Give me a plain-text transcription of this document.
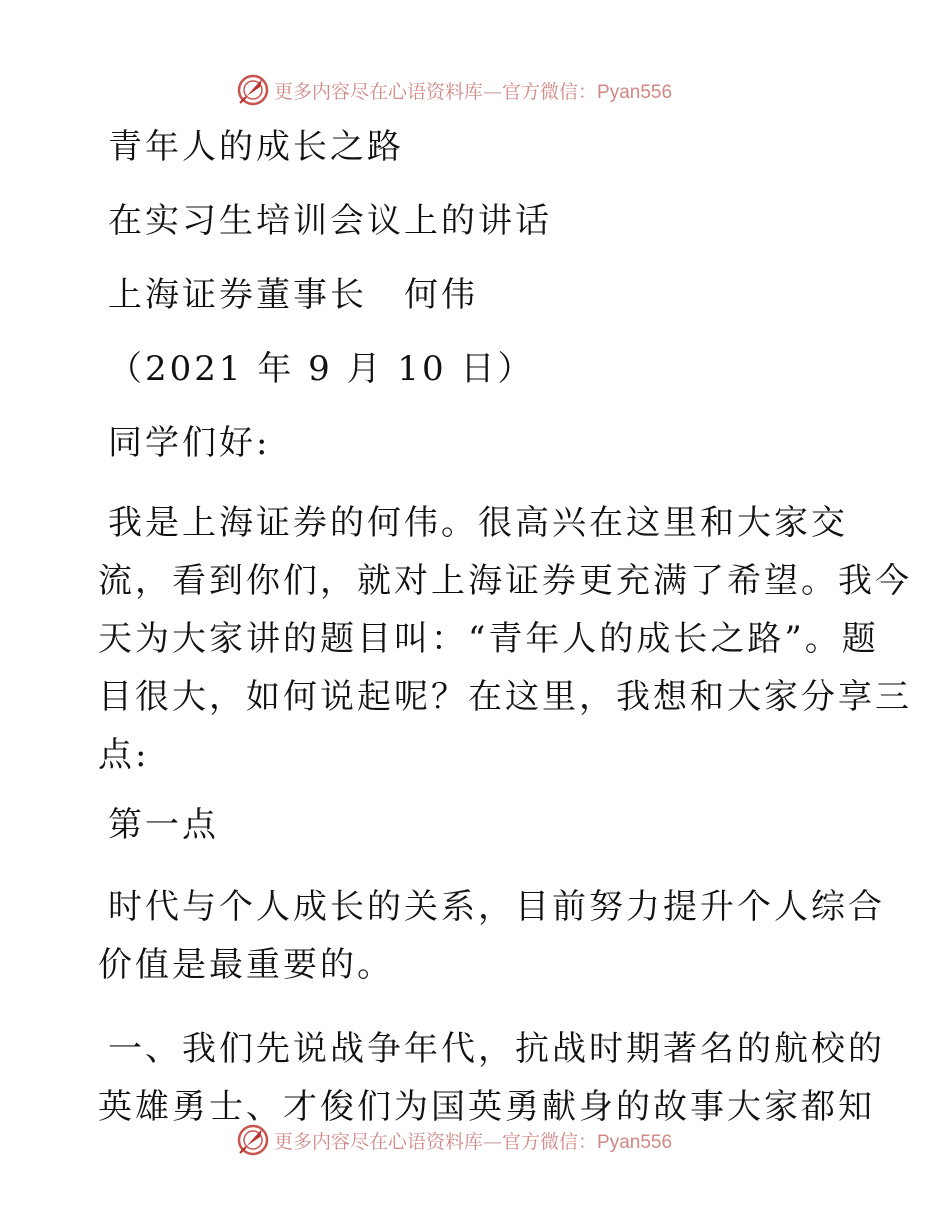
更多内容尽在心语资料库—官方微信：Pyan556

青年人的成长之路

在实习生培训会议上的讲话

上海证券董事长　何伟

（2021 年 9 月 10 日）

同学们好:

我是上海证券的何伟。很高兴在这里和大家交
流，看到你们，就对上海证券更充满了希望。我今
天为大家讲的题目叫：“青年人的成长之路”。题
目很大，如何说起呢？在这里，我想和大家分享三
点:

第一点

时代与个人成长的关系，目前努力提升个人综合
价值是最重要的。
一、我们先说战争年代，抗战时期著名的航校的
英雄勇士、才俊们为国英勇献身的故事大家都知
更多内容尽在心语资料库—官方微信：Pyan556
